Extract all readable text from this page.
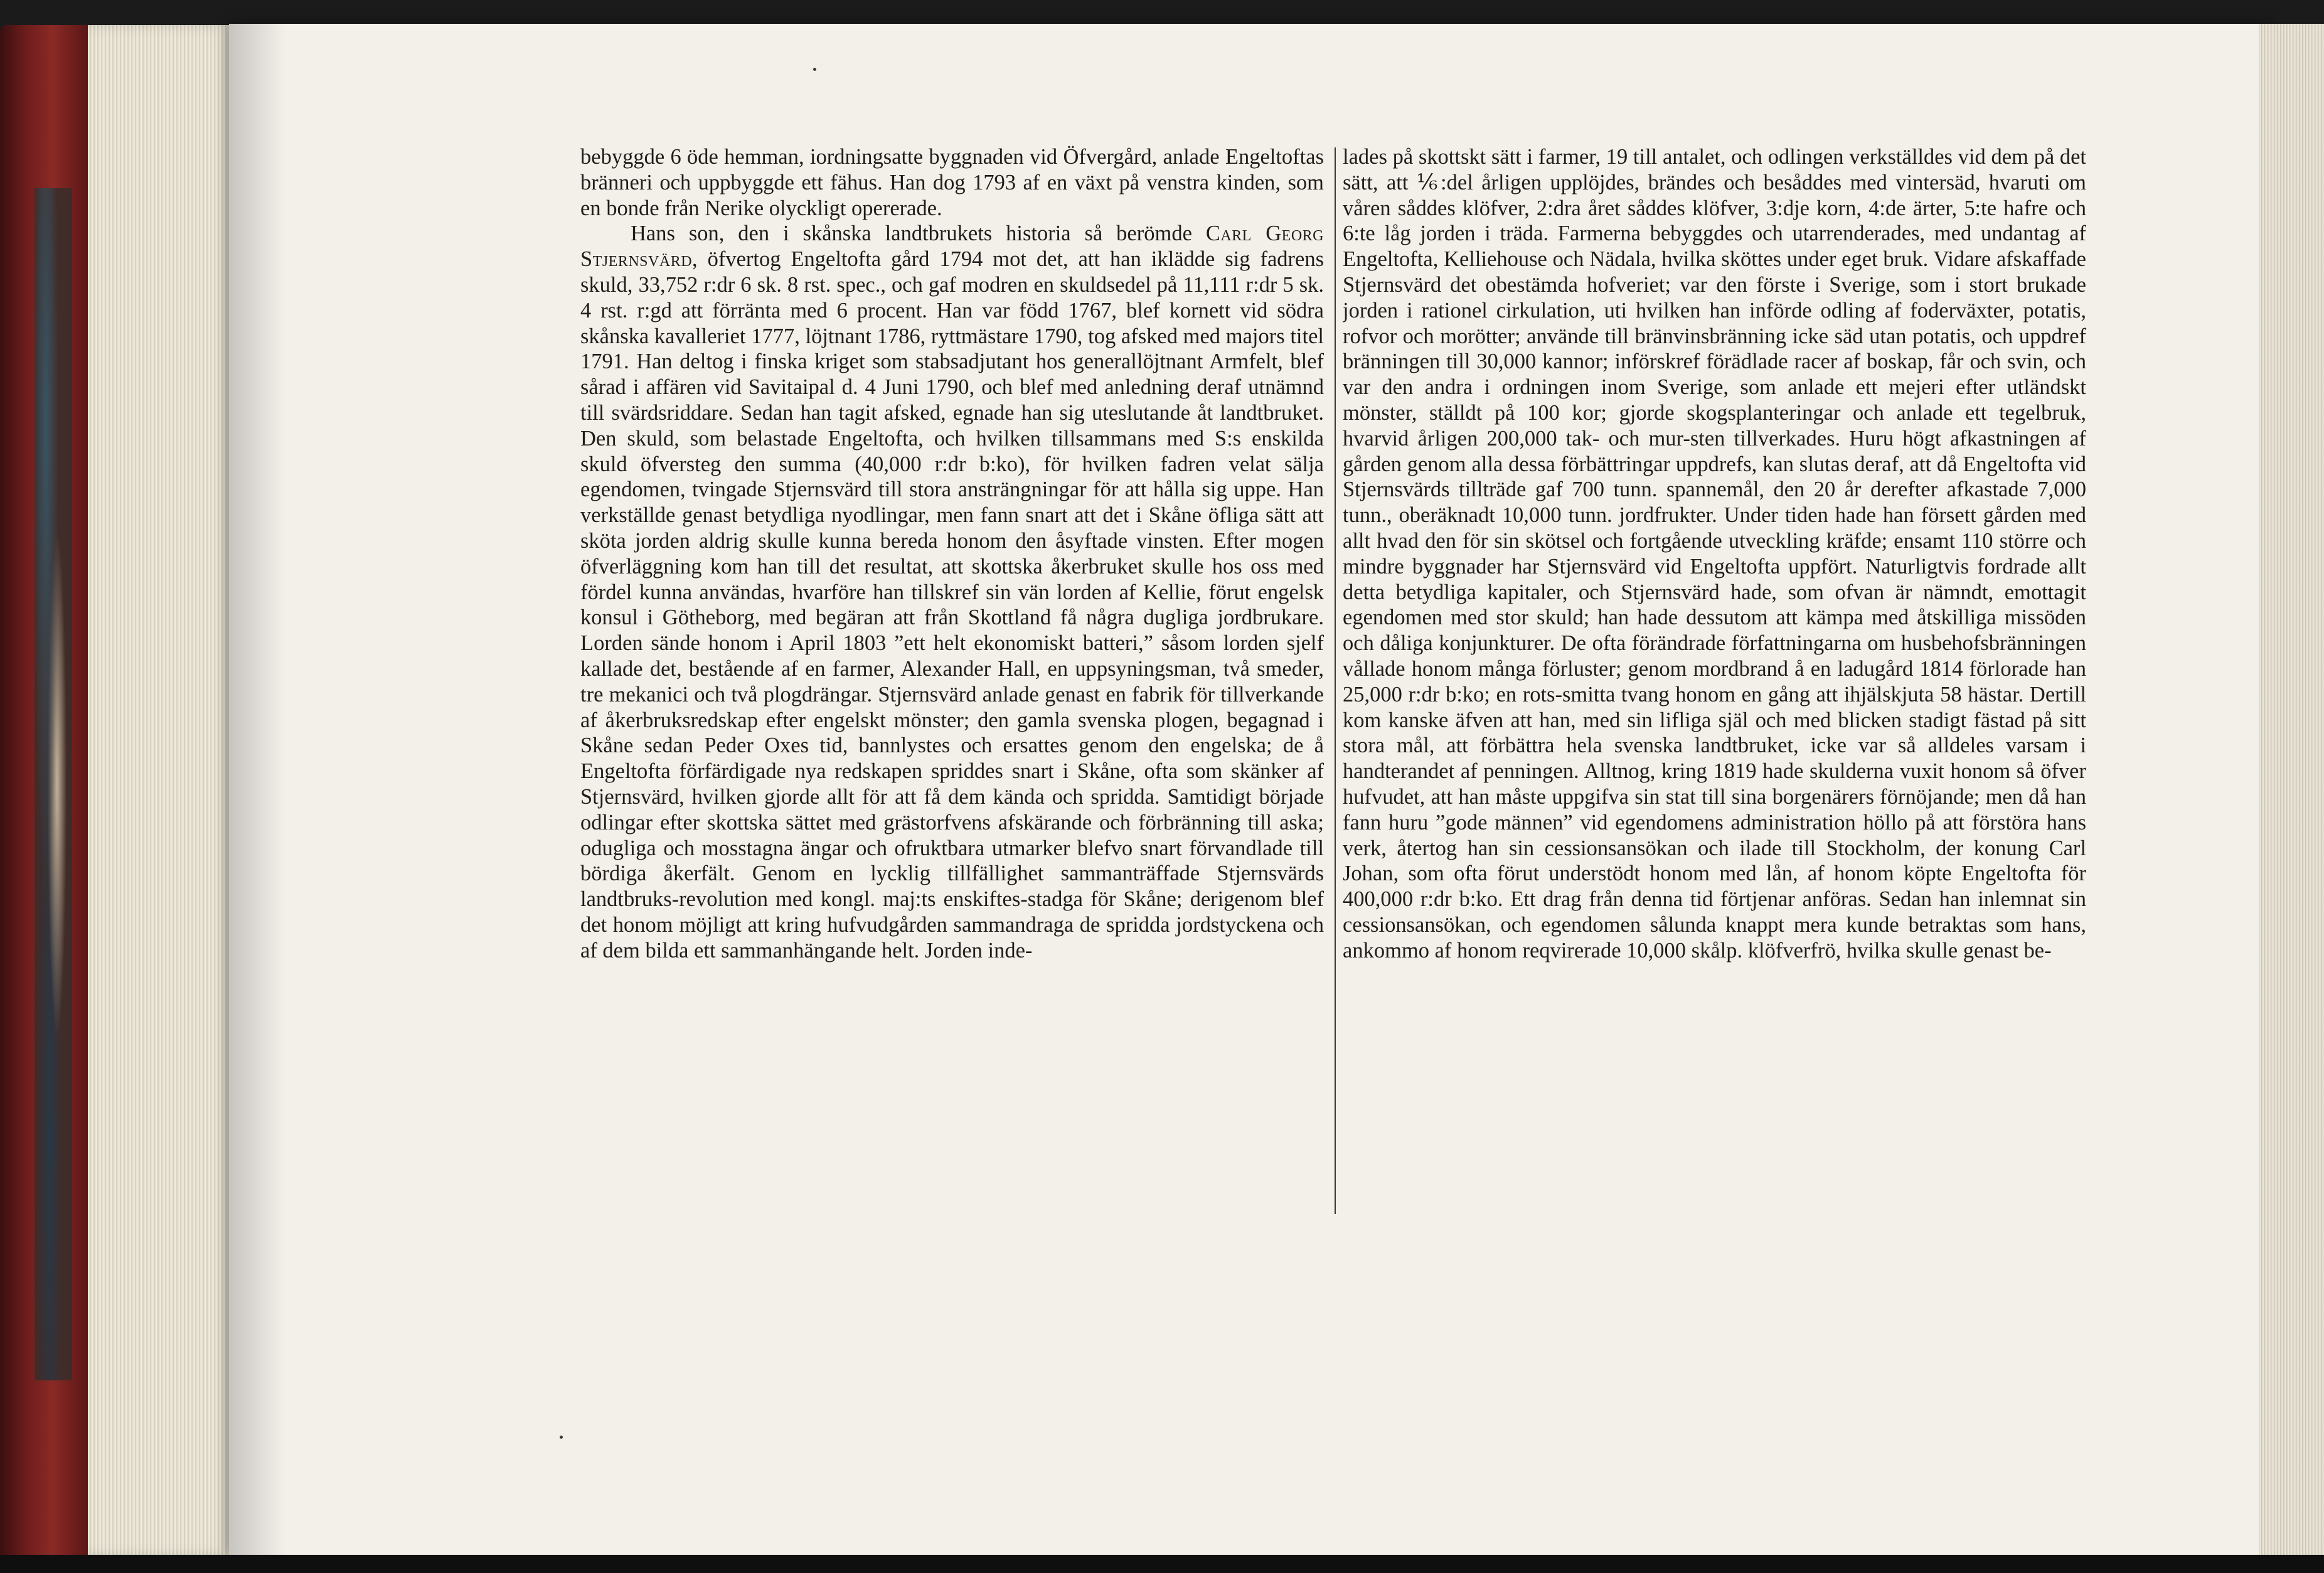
bebyggde 6 öde hemman, iordningsatte byggnaden vid Öfvergård, anlade Engeltoftas bränneri och uppbyggde ett fähus. Han dog 1793 af en växt på venstra kinden, som en bonde från Nerike olyckligt opererade.

Hans son, den i skånska landtbrukets historia så berömde Carl Georg Stjernsvärd, öfvertog Engeltofta gård 1794 mot det, att han iklädde sig fadrens skuld, 33,752 r:dr 6 sk. 8 rst. spec., och gaf modren en skuldsedel på 11,111 r:dr 5 sk. 4 rst. r:gd att förränta med 6 procent. Han var född 1767, blef kornett vid södra skånska kavalleriet 1777, löjtnant 1786, ryttmästare 1790, tog afsked med majors titel 1791. Han deltog i finska kriget som stabsadjutant hos generallöjtnant Armfelt, blef sårad i affären vid Savitaipal d. 4 Juni 1790, och blef med anledning deraf utnämnd till svärdsriddare. Sedan han tagit afsked, egnade han sig uteslutande åt landtbruket. Den skuld, som belastade Engeltofta, och hvilken tillsammans med S:s enskilda skuld öfversteg den summa (40,000 r:dr b:ko), för hvilken fadren velat sälja egendomen, tvingade Stjernsvärd till stora ansträngningar för att hålla sig uppe. Han verkställde genast betydliga nyodlingar, men fann snart att det i Skåne öfliga sätt att sköta jorden aldrig skulle kunna bereda honom den åsyftade vinsten. Efter mogen öfverläggning kom han till det resultat, att skottska åkerbruket skulle hos oss med fördel kunna användas, hvarföre han tillskref sin vän lorden af Kellie, förut engelsk konsul i Götheborg, med begäran att från Skottland få några dugliga jordbrukare. Lorden sände honom i April 1803 ”ett helt ekonomiskt batteri,” såsom lorden sjelf kallade det, bestående af en farmer, Alexander Hall, en uppsyningsman, två smeder, tre mekanici och två plogdrängar. Stjernsvärd anlade genast en fabrik för tillverkande af åkerbruksredskap efter engelskt mönster; den gamla svenska plogen, begagnad i Skåne sedan Peder Oxes tid, bannlystes och ersattes genom den engelska; de å Engeltofta förfärdigade nya redskapen spriddes snart i Skåne, ofta som skänker af Stjernsvärd, hvilken gjorde allt för att få dem kända och spridda. Samtidigt började odlingar efter skottska sättet med grästorfvens afskärande och förbränning till aska; odugliga och mosstagna ängar och ofruktbara utmarker blefvo snart förvandlade till bördiga åkerfält. Genom en lycklig tillfällighet sammanträffade Stjernsvärds landtbruks-revolution med kongl. maj:ts enskiftes-stadga för Skåne; derigenom blef det honom möjligt att kring hufvudgården sammandraga de spridda jordstyckena och af dem bilda ett sammanhängande helt. Jorden inde-

lades på skottskt sätt i farmer, 19 till antalet, och odlingen verkställdes vid dem på det sätt, att ⅙:del årligen upplöjdes, brändes och besåddes med vintersäd, hvaruti om våren såddes klöfver, 2:dra året såddes klöfver, 3:dje korn, 4:de ärter, 5:te hafre och 6:te låg jorden i träda. Farmerna bebyggdes och utarrenderades, med undantag af Engeltofta, Kelliehouse och Nädala, hvilka sköttes under eget bruk. Vidare afskaffade Stjernsvärd det obestämda hofveriet; var den förste i Sverige, som i stort brukade jorden i rationel cirkulation, uti hvilken han införde odling af foderväxter, potatis, rofvor och morötter; använde till bränvinsbränning icke säd utan potatis, och uppdref bränningen till 30,000 kannor; införskref förädlade racer af boskap, får och svin, och var den andra i ordningen inom Sverige, som anlade ett mejeri efter utländskt mönster, ställdt på 100 kor; gjorde skogsplanteringar och anlade ett tegelbruk, hvarvid årligen 200,000 tak- och mur-sten tillverkades. Huru högt afkastningen af gården genom alla dessa förbättringar uppdrefs, kan slutas deraf, att då Engeltofta vid Stjernsvärds tillträde gaf 700 tunn. spannemål, den 20 år derefter afkastade 7,000 tunn., oberäknadt 10,000 tunn. jordfrukter. Under tiden hade han försett gården med allt hvad den för sin skötsel och fortgående utveckling kräfde; ensamt 110 större och mindre byggnader har Stjernsvärd vid Engeltofta uppfört. Naturligtvis fordrade allt detta betydliga kapitaler, och Stjernsvärd hade, som ofvan är nämndt, emottagit egendomen med stor skuld; han hade dessutom att kämpa med åtskilliga missöden och dåliga konjunkturer. De ofta förändrade författningarna om husbehofsbränningen vållade honom många förluster; genom mordbrand å en ladugård 1814 förlorade han 25,000 r:dr b:ko; en rots-smitta tvang honom en gång att ihjälskjuta 58 hästar. Dertill kom kanske äfven att han, med sin lifliga själ och med blicken stadigt fästad på sitt stora mål, att förbättra hela svenska landtbruket, icke var så alldeles varsam i handterandet af penningen. Alltnog, kring 1819 hade skulderna vuxit honom så öfver hufvudet, att han måste uppgifva sin stat till sina borgenärers förnöjande; men då han fann huru ”gode männen” vid egendomens administration höllo på att förstöra hans verk, återtog han sin cessionsansökan och ilade till Stockholm, der konung Carl Johan, som ofta förut understödt honom med lån, af honom köpte Engeltofta för 400,000 r:dr b:ko. Ett drag från denna tid förtjenar anföras. Sedan han inlemnat sin cessionsansökan, och egendomen sålunda knappt mera kunde betraktas som hans, ankommo af honom reqvirerade 10,000 skålp. klöfverfrö, hvilka skulle genast be-
